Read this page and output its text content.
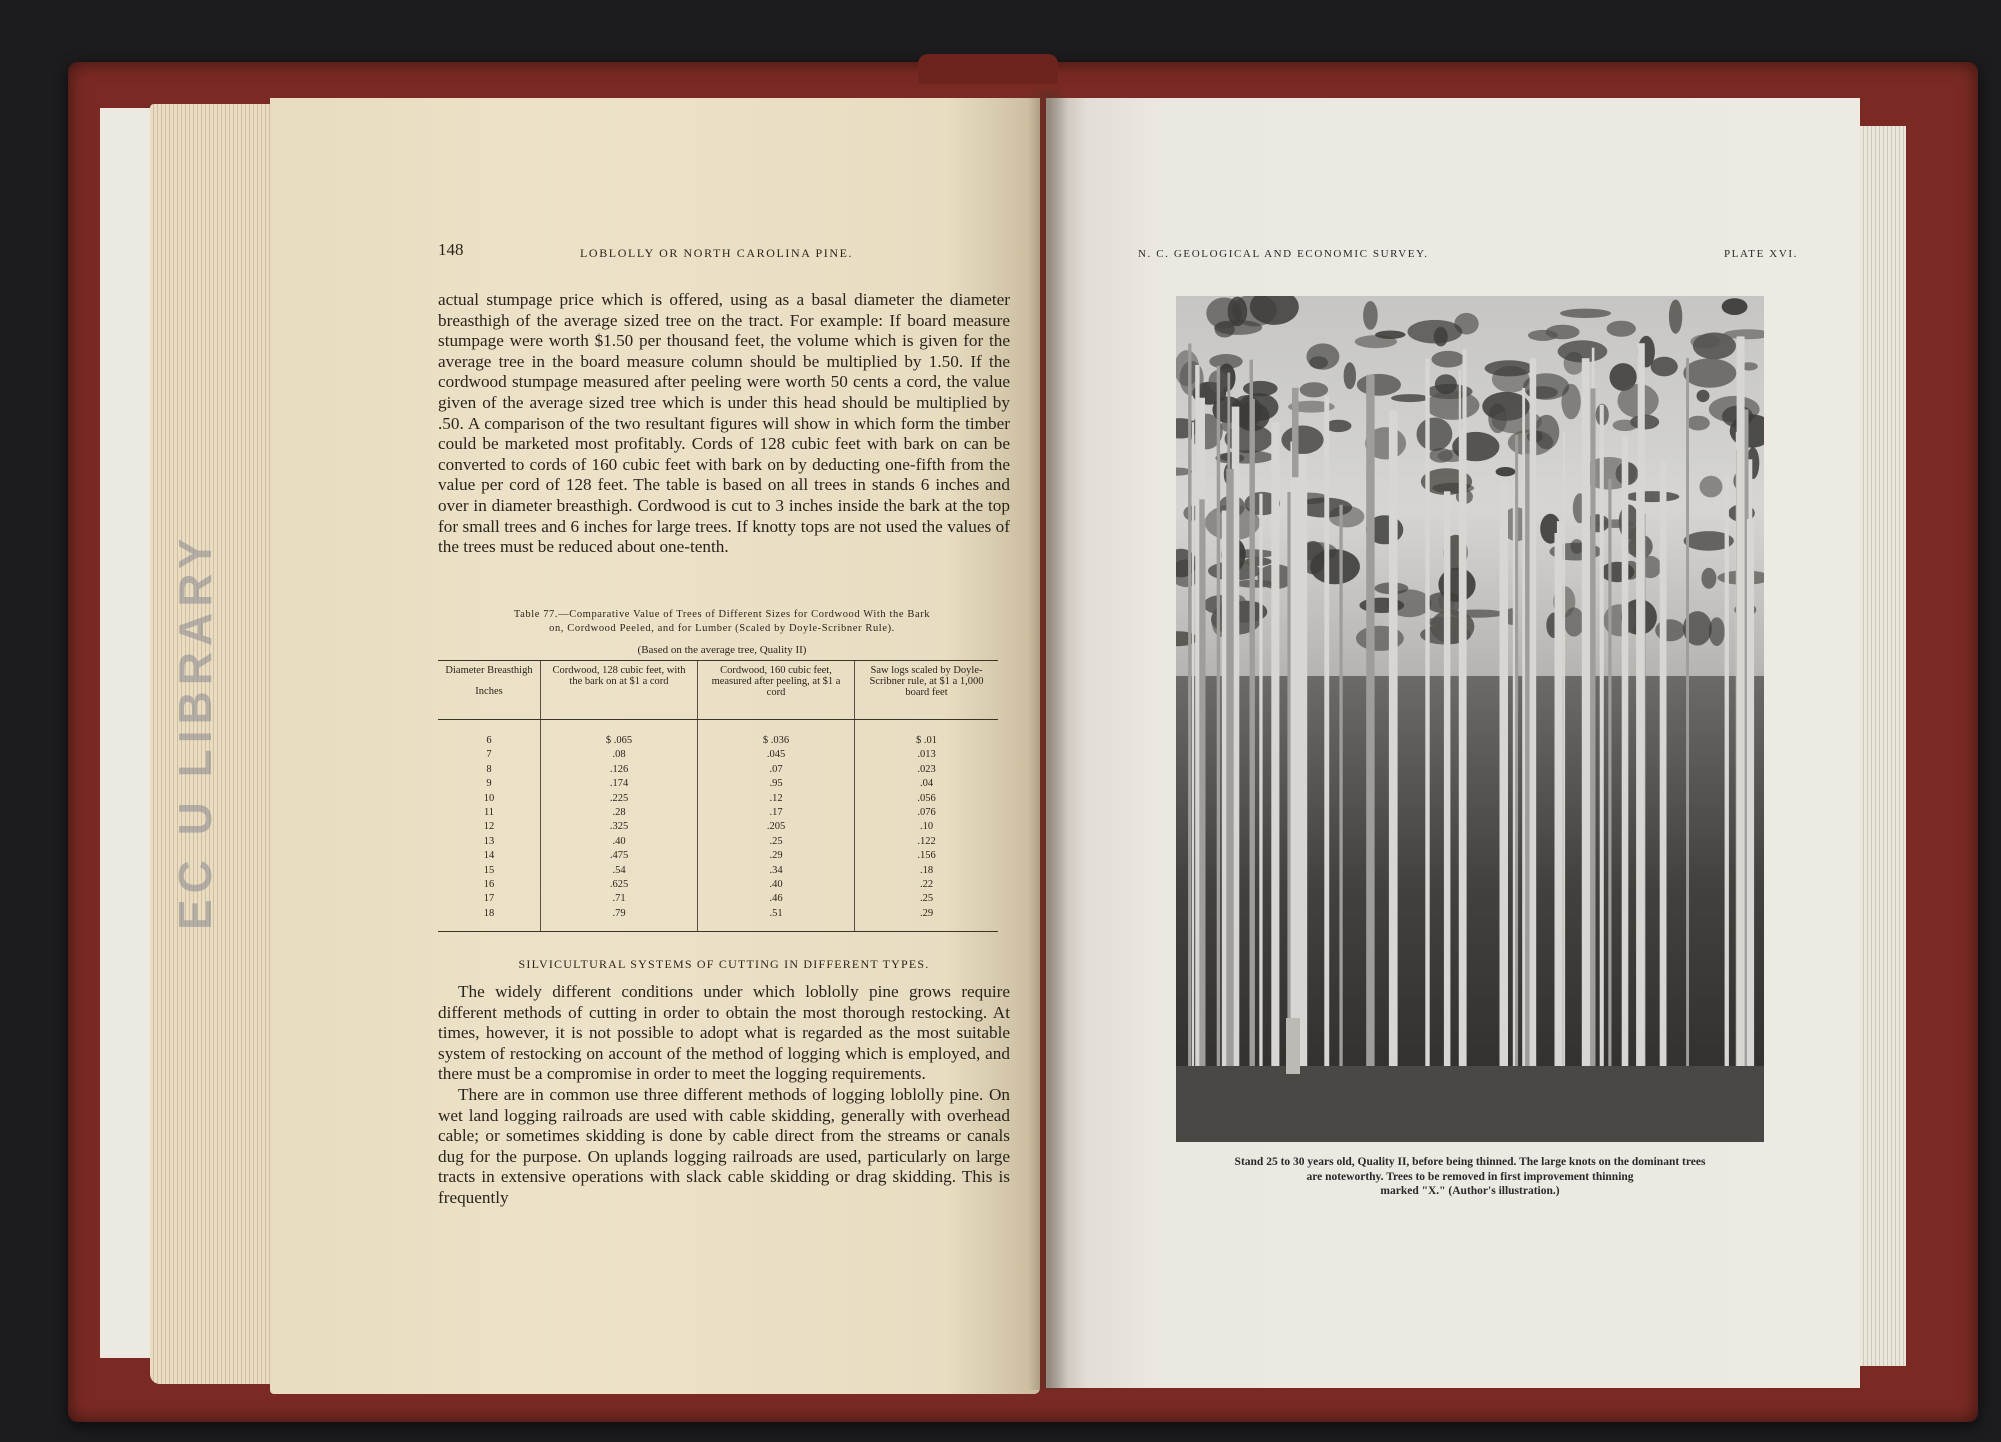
EC U LIBRARY
148	LOBLOLLY OR NORTH CAROLINA PINE.

actual stumpage price which is offered, using as a basal diameter the diameter breasthigh of the average sized tree on the tract. For example: If board measure stumpage were worth $1.50 per thousand feet, the volume which is given for the average tree in the board measure column should be multiplied by 1.50. If the cordwood stumpage measured after peeling were worth 50 cents a cord, the value given of the average sized tree which is under this head should be multiplied by .50. A comparison of the two resultant figures will show in which form the timber could be marketed most profitably. Cords of 128 cubic feet with bark on can be converted to cords of 160 cubic feet with bark on by deducting one-fifth from the value per cord of 128 feet. The table is based on all trees in stands 6 inches and over in diameter breasthigh. Cordwood is cut to 3 inches inside the bark at the top for small trees and 6 inches for large trees. If knotty tops are not used the values of the trees must be reduced about one-tenth.

Table 77.—Comparative Value of Trees of Different Sizes for Cordwood With the Bark
on, Cordwood Peeled, and for Lumber (Scaled by Doyle-Scribner Rule).
(Based on the average tree, Quality II)
Diameter Breasthigh
Inches	Cordwood, 128 cubic feet, with the bark on at $1 a cord	Cordwood, 160 cubic feet, measured after peeling, at $1 a cord	Saw logs scaled by Doyle-Scribner rule, at $1 a 1,000 board feet
6	$ .065	$ .036	$ .01
7	.08	.045	.013
8	.126	.07	.023
9	.174	.95	.04
10	.225	.12	.056
11	.28	.17	.076
12	.325	.205	.10
13	.40	.25	.122
14	.475	.29	.156
15	.54	.34	.18
16	.625	.40	.22
17	.71	.46	.25
18	.79	.51	.29
SILVICULTURAL SYSTEMS OF CUTTING IN DIFFERENT TYPES.

The widely different conditions under which loblolly pine grows require different methods of cutting in order to obtain the most thorough restocking. At times, however, it is not possible to adopt what is regarded as the most suitable system of restocking on account of the method of logging which is employed, and there must be a compromise in order to meet the logging requirements.

There are in common use three different methods of logging loblolly pine. On wet land logging railroads are used with cable skidding, generally with overhead cable; or sometimes skidding is done by cable direct from the streams or canals dug for the purpose. On uplands logging railroads are used, particularly on large tracts in extensive operations with slack cable skidding or drag skidding. This is frequently

N. C. GEOLOGICAL AND ECONOMIC SURVEY.	PLATE XVI.
Stand 25 to 30 years old, Quality II, before being thinned. The large knots on the dominant trees
are noteworthy. Trees to be removed in first improvement thinning
marked "X." (Author's illustration.)
